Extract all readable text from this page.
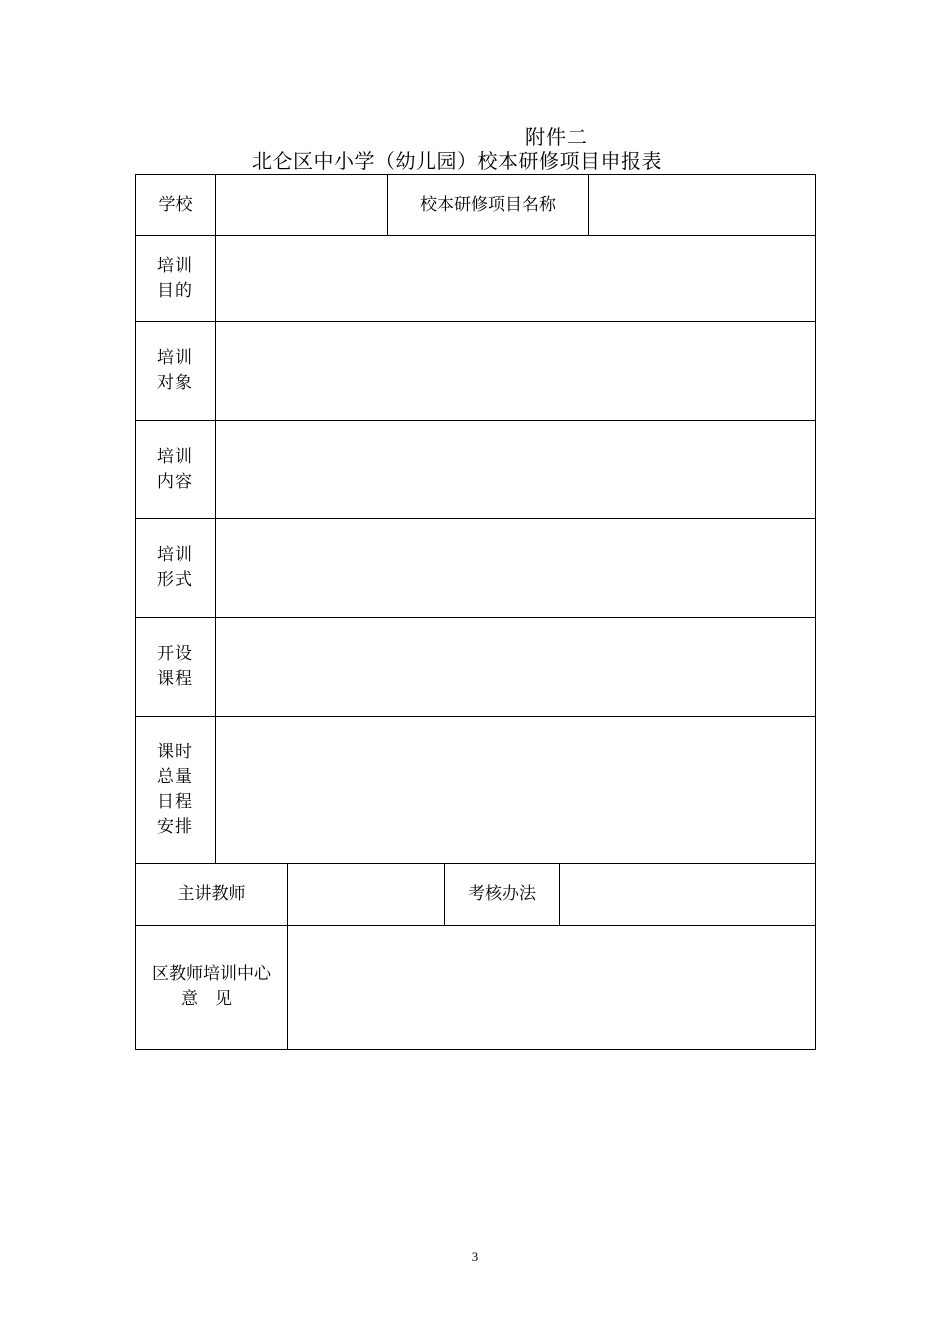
附件二
北仑区中小学（幼儿园）校本研修项目申报表
学校	校本研修项目名称
培训
目的
培训
对象
培训
内容
培训
形式
开设
课程
课时
总量
日程
安排
主讲教师	考核办法
区教师培训中心
意　见
3
